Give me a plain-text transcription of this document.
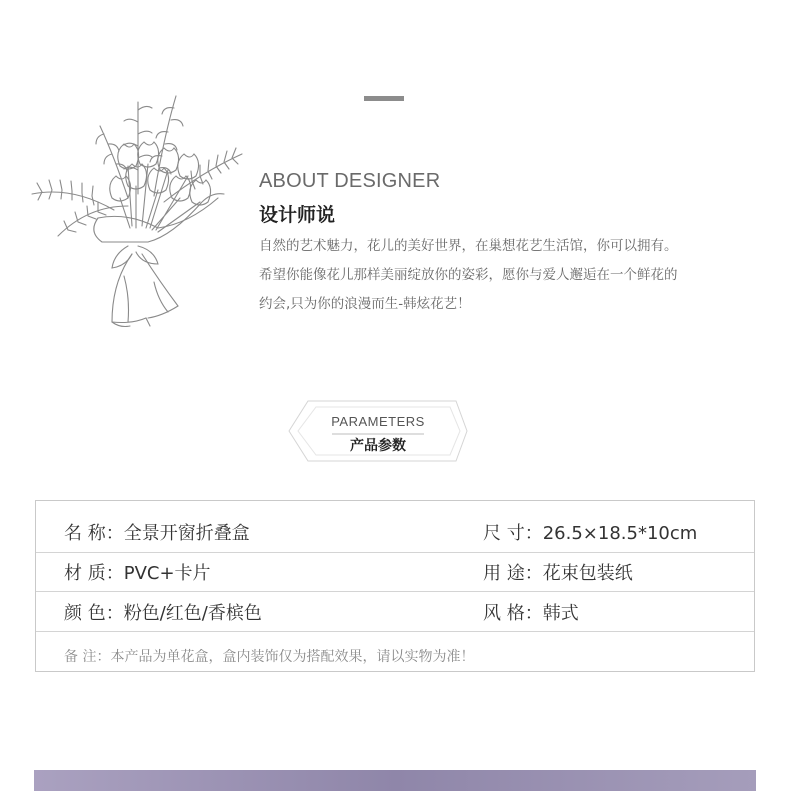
ABOUT DESIGNER
设计师说

自然的艺术魅力，花儿的美好世界，在巢想花艺生活馆，你可以拥有。

希望你能像花儿那样美丽绽放你的姿彩，愿你与爱人邂逅在一个鲜花的

约会,只为你的浪漫而生-韩炫花艺！

PARAMETERS
产品参数
名 称：全景开窗折叠盒	尺 寸：26.5×18.5*10cm
材 质：PVC+卡片	用 途：花束包装纸
颜 色：粉色/红色/香槟色	风 格：韩式
备 注：本产品为单花盒，盒内装饰仅为搭配效果，请以实物为准！
